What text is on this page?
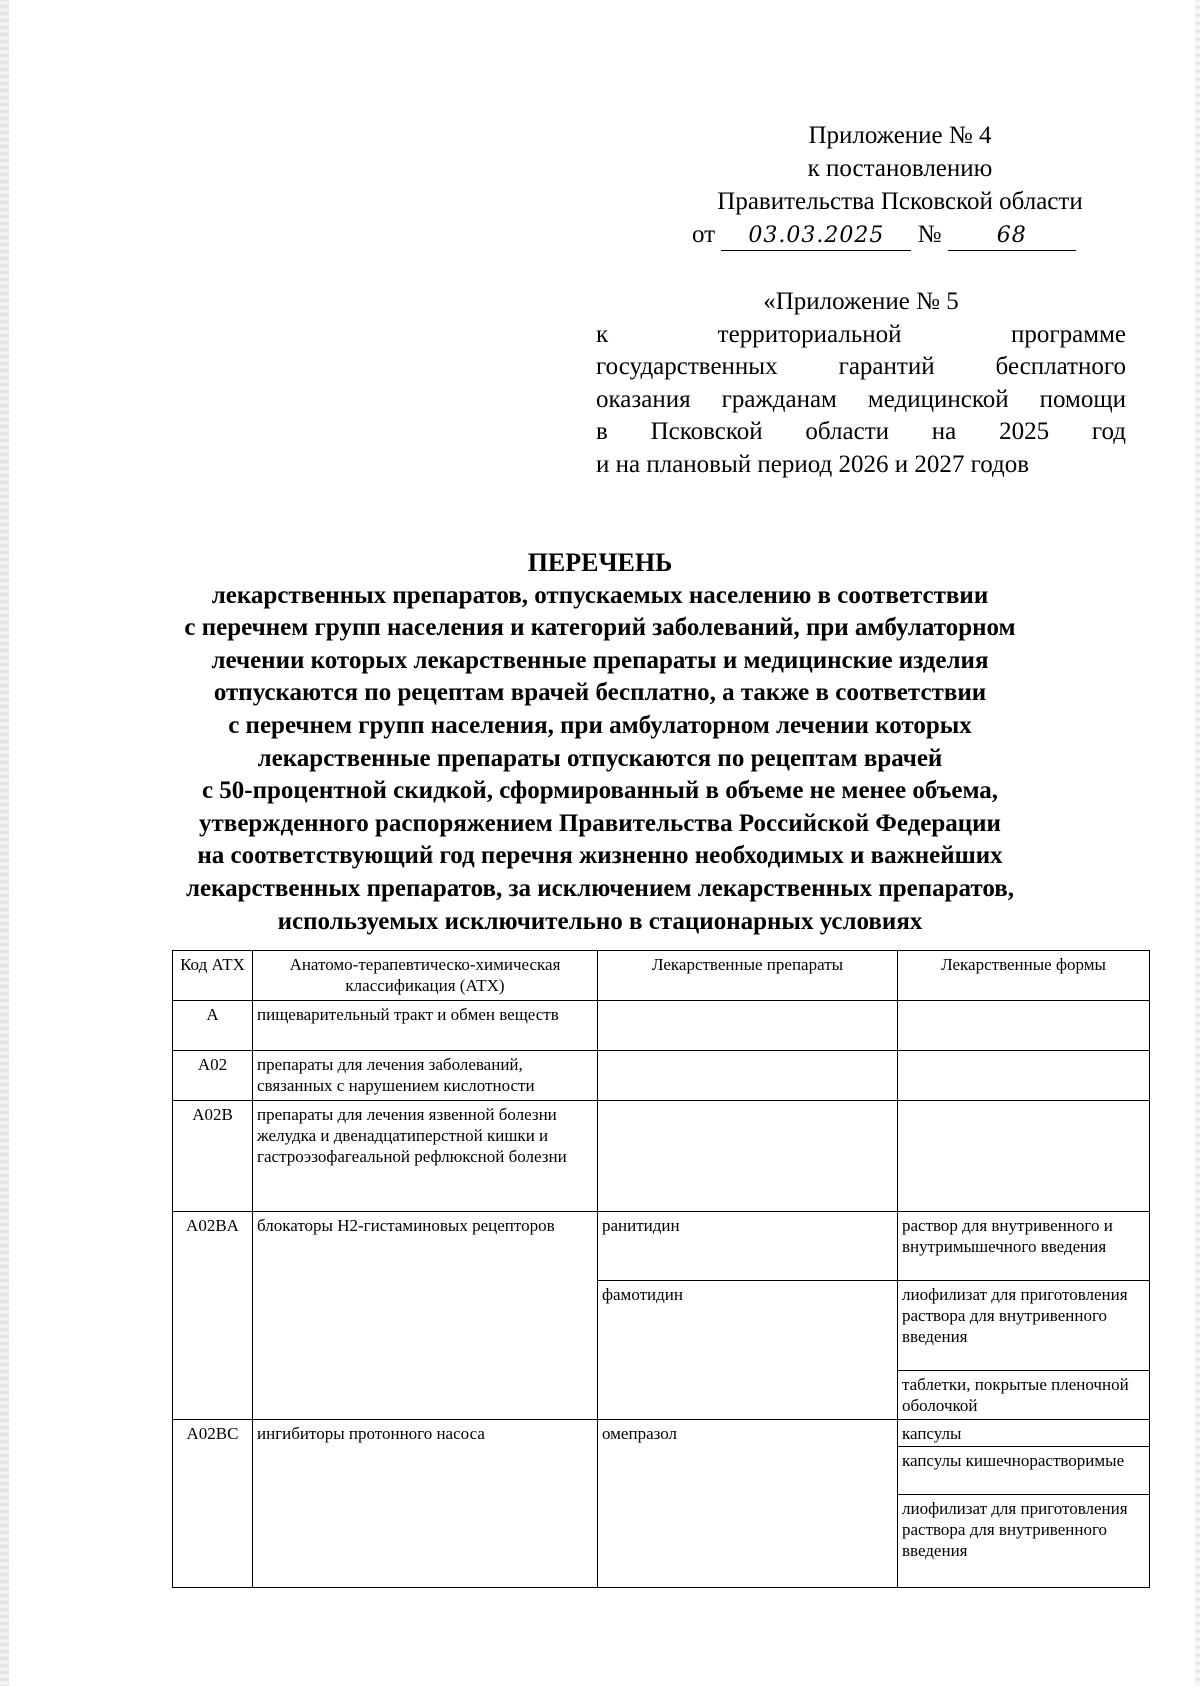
Приложение № 4
к постановлению
Правительства Псковской области
от 03.03.2025 №	68
«Приложение № 5
к территориальной программе
государственных гарантий бесплатного
оказания гражданам медицинской помощи
в Псковской области на 2025 год
и на плановый период 2026 и 2027 годов
ПЕРЕЧЕНЬ
лекарственных препаратов, отпускаемых населению в соответствии
с перечнем групп населения и категорий заболеваний, при амбулаторном
лечении которых лекарственные препараты и медицинские изделия
отпускаются по рецептам врачей бесплатно, а также в соответствии
с перечнем групп населения, при амбулаторном лечении которых
лекарственные препараты отпускаются по рецептам врачей
с 50-процентной скидкой, сформированный в объеме не менее объема,
утвержденного распоряжением Правительства Российской Федерации
на соответствующий год перечня жизненно необходимых и важнейших
лекарственных препаратов, за исключением лекарственных препаратов,
используемых исключительно в стационарных условиях
Код АТХ	Анатомо-терапевтическо-химическая классификация (АТХ)	Лекарственные препараты	Лекарственные формы
A	пищеварительный тракт и обмен веществ		
A02	препараты для лечения заболеваний, связанных с нарушением кислотности		
A02B	препараты для лечения язвенной болезни желудка и двенадцатиперстной кишки и гастроэзофагеальной рефлюксной болезни		
A02BA	блокаторы H2-гистаминовых рецепторов	ранитидин	раствор для внутривенного и внутримышечного введения
		фамотидин	лиофилизат для приготовления раствора для внутривенного введения
			таблетки, покрытые пленочной оболочкой
A02BC	ингибиторы протонного насоса	омепразол	капсулы
			капсулы кишечнорастворимые
			лиофилизат для приготовления раствора для внутривенного введения
